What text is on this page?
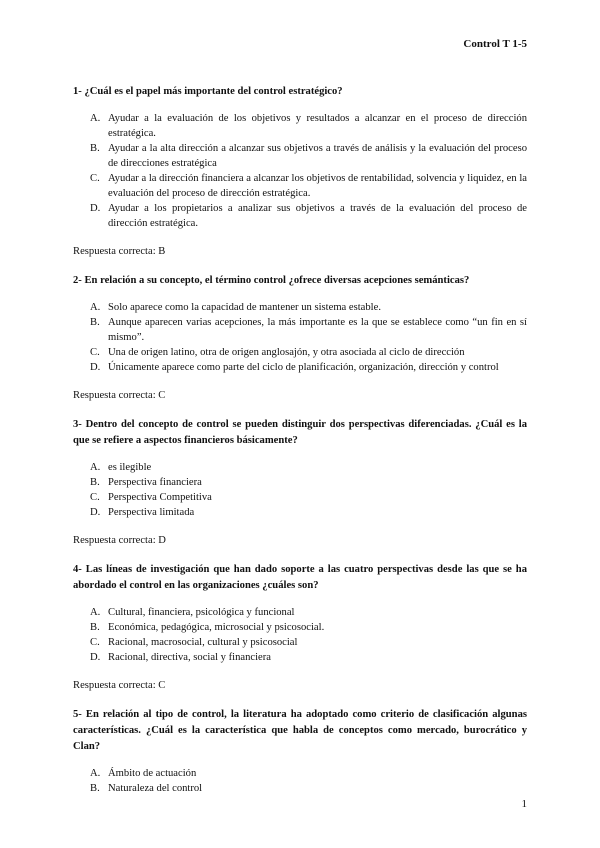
Control T 1-5

1- ¿Cuál es el papel más importante del control estratégico?

A. Ayudar a la evaluación de los objetivos y resultados a alcanzar en el proceso de dirección estratégica.
B. Ayudar a la alta dirección a alcanzar sus objetivos a través de análisis y la evaluación del proceso de direcciones estratégica
C. Ayudar a la dirección financiera a alcanzar los objetivos de rentabilidad, solvencia y liquidez, en la evaluación del proceso de dirección estratégica.
D. Ayudar a los propietarios a analizar sus objetivos a través de la evaluación del proceso de dirección estratégica.

Respuesta correcta: B

2- En relación a su concepto, el término control ¿ofrece diversas acepciones semánticas?

A. Solo aparece como la capacidad de mantener un sistema estable.
B. Aunque aparecen varias acepciones, la más importante es la que se establece como “un fin en sí mismo”.
C. Una de origen latino, otra de origen anglosajón, y otra asociada al ciclo de dirección
D. Únicamente aparece como parte del ciclo de planificación, organización, dirección y control

Respuesta correcta: C

3- Dentro del concepto de control se pueden distinguir dos perspectivas diferenciadas. ¿Cuál es la que se refiere a aspectos financieros básicamente?

A. es ilegible
B. Perspectiva financiera
C. Perspectiva Competitiva
D. Perspectiva limitada

Respuesta correcta: D

4- Las líneas de investigación que han dado soporte a las cuatro perspectivas desde las que se ha abordado el control en las organizaciones ¿cuáles son?

A. Cultural, financiera, psicológica y funcional
B. Económica, pedagógica, microsocial y psicosocial.
C. Racional, macrosocial, cultural y psicosocial
D. Racional, directiva, social y financiera

Respuesta correcta: C

5- En relación al tipo de control, la literatura ha adoptado como criterio de clasificación algunas características. ¿Cuál es la característica que habla de conceptos como mercado, burocrático y Clan?

A. Ámbito de actuación
B. Naturaleza del control
1
